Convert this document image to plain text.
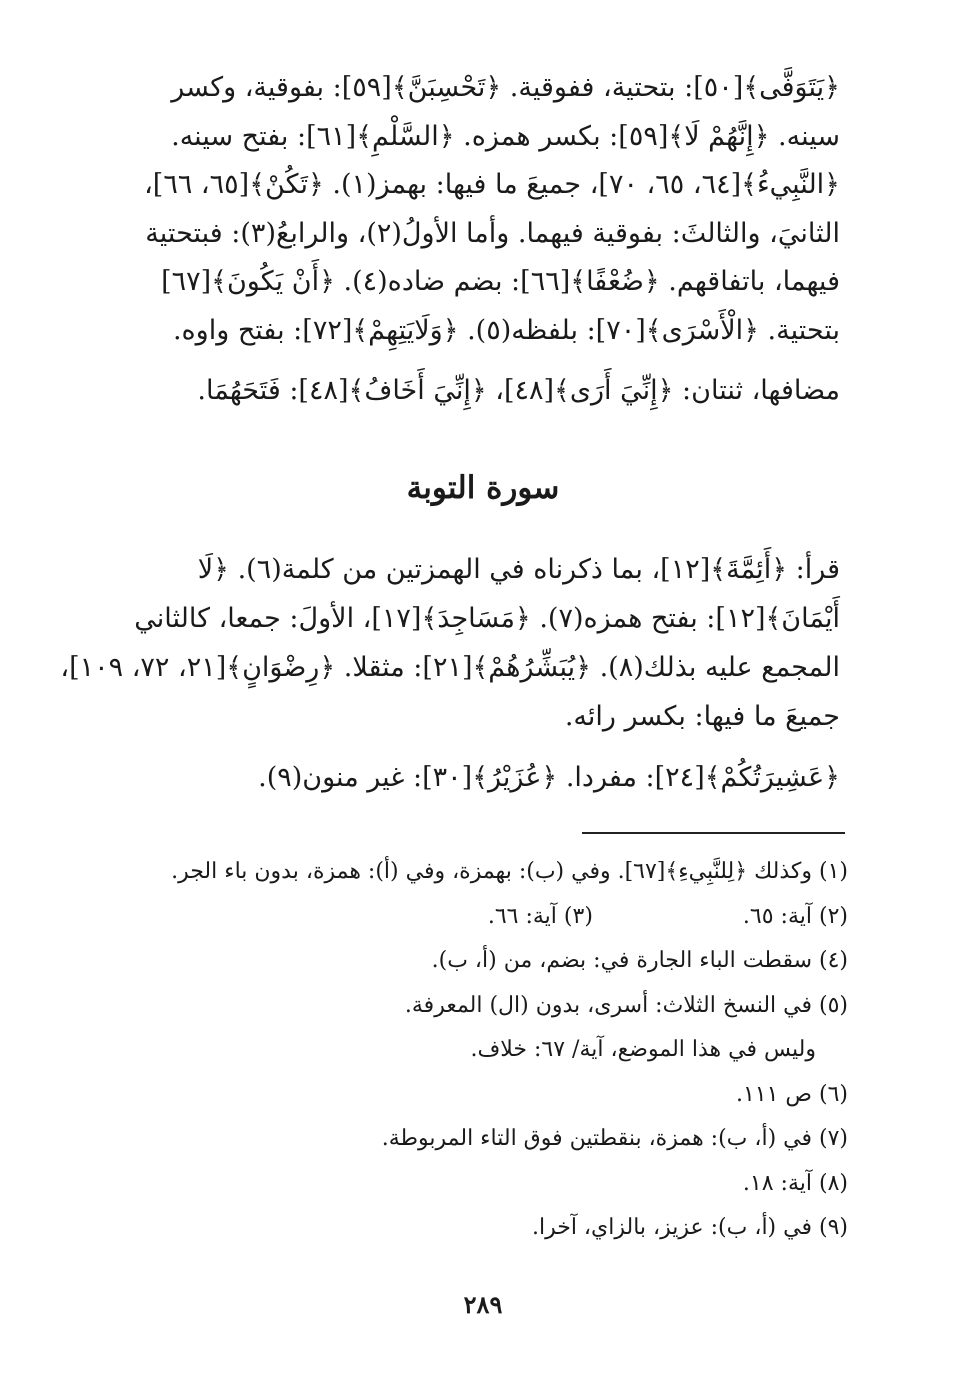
﴿يَتَوَفَّى﴾[٥٠]: بتحتية، ففوقية. ﴿تَحْسِبَنَّ﴾[٥٩]: بفوقية، وكسر
سينه. ﴿إِنَّهُمْ لَا﴾[٥٩]: بكسر همزه. ﴿السَّلْمِ﴾[٦١]: بفتح سينه.
﴿النَّبِيءُ﴾[٦٤، ٦٥، ٧٠]، جميعَ ما فيها: بهمز(١). ﴿تَكُنْ﴾[٦٥، ٦٦]،
الثانيَ، والثالثَ: بفوقية فيهما. وأما الأولُ(٢)، والرابعُ(٣): فبتحتية
فيهما، باتفاقهم. ﴿ضُعْفًا﴾[٦٦]: بضم ضاده(٤). ﴿أَنْ يَكُونَ﴾[٦٧]
بتحتية. ﴿الْأَسْرَى﴾[٧٠]: بلفظه(٥). ﴿وَلَايَتِهِمْ﴾[٧٢]: بفتح واوه.
مضافها، ثنتان: ﴿إِنِّيَ أَرَى﴾[٤٨]، ﴿إِنِّيَ أَخَافُ﴾[٤٨]: فَتَحَهُمَا.
سورة التوبة
قرأ: ﴿أَئِمَّةَ﴾[١٢]، بما ذكرناه في الهمزتين من كلمة(٦). ﴿لَا
أَيْمَانَ﴾[١٢]: بفتح همزه(٧). ﴿مَسَاجِدَ﴾[١٧]، الأولَ: جمعا، كالثاني
المجمع عليه بذلك(٨). ﴿يُبَشِّرُهُمْ﴾[٢١]: مثقلا. ﴿رِضْوَانٍ﴾[٢١، ٧٢، ١٠٩]،
جميعَ ما فيها: بكسر رائه.
﴿عَشِيرَتُكُمْ﴾[٢٤]: مفردا. ﴿عُزَيْرُ﴾[٣٠]: غير منون(٩).
(١) وكذلك ﴿لِلنَّبِيءِ﴾[٦٧]. وفي (ب): بهمزة، وفي (أ): همزة، بدون باء الجر.
(٢) آية: ٦٥.
(٣) آية: ٦٦.
(٤) سقطت الباء الجارة في: بضم، من (أ، ب).
(٥) في النسخ الثلاث: أسرى، بدون (ال) المعرفة.
وليس في هذا الموضع، آية/ ٦٧: خلاف.
(٦) ص ١١١.
(٧) في (أ، ب): همزة، بنقطتين فوق التاء المربوطة.
(٨) آية: ١٨.
(٩) في (أ، ب): عزيز، بالزاي، آخرا.
٢٨٩
